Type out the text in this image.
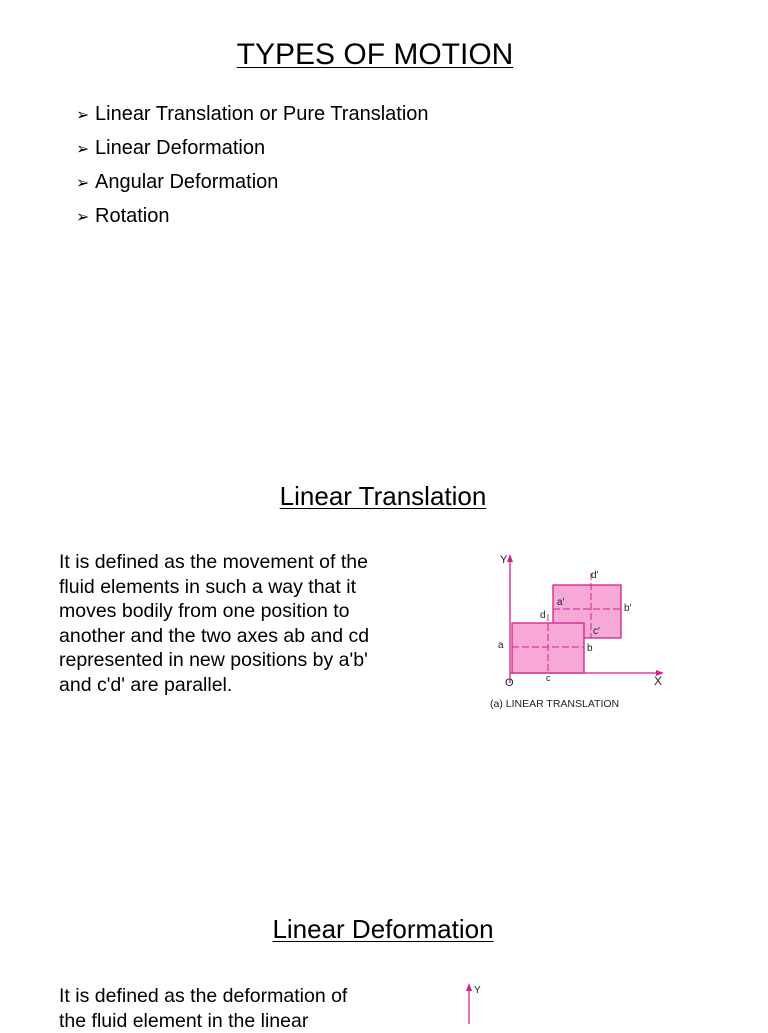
TYPES OF MOTION
➢ Linear Translation or Pure Translation
➢ Linear Deformation
➢ Angular Deformation
➢ Rotation
Linear Translation
It is defined as the movement of the fluid elements in such a way that it moves bodily from one position to another and the two axes ab and cd represented in new positions by a'b' and c'd' are parallel.
Y
X
O
a	b
c
d
a′
b′
c′
d′
(a) LINEAR TRANSLATION
Linear Deformation
It is defined as the deformation of the fluid element in the linear
Y
